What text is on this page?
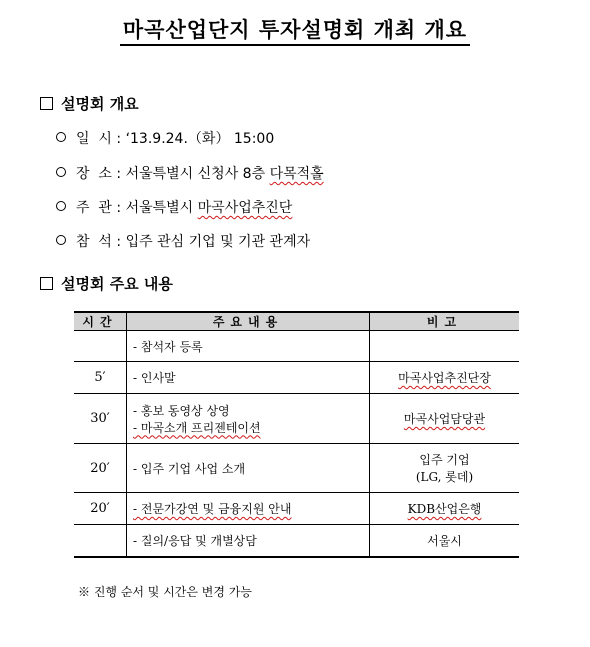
마곡산업단지 투자설명회 개최 개요
설명회 개요
일  시 : ‘13.9.24.（화） 15:00
장  소 : 서울특별시 신청사 8층 다목적홀
주  관 : 서울특별시 마곡사업추진단
참  석 : 입주 관심 기업 및 기관 관계자
설명회 주요 내용
시간	주요내용	비고

	- 참석자 등록	

5′	- 인사말	마곡사업추진단장

30′	- 홍보 동영상 상영
- 마곡소개 프리젠테이션	마곡사업담당관

20′	- 입주 기업 사업 소개	입주 기업
(LG, 롯데)

20′	- 전문가강연 및 금융지원 안내	KDB산업은행

	- 질의/응답 및 개별상담	서울시
※ 진행 순서 및 시간은 변경 가능
